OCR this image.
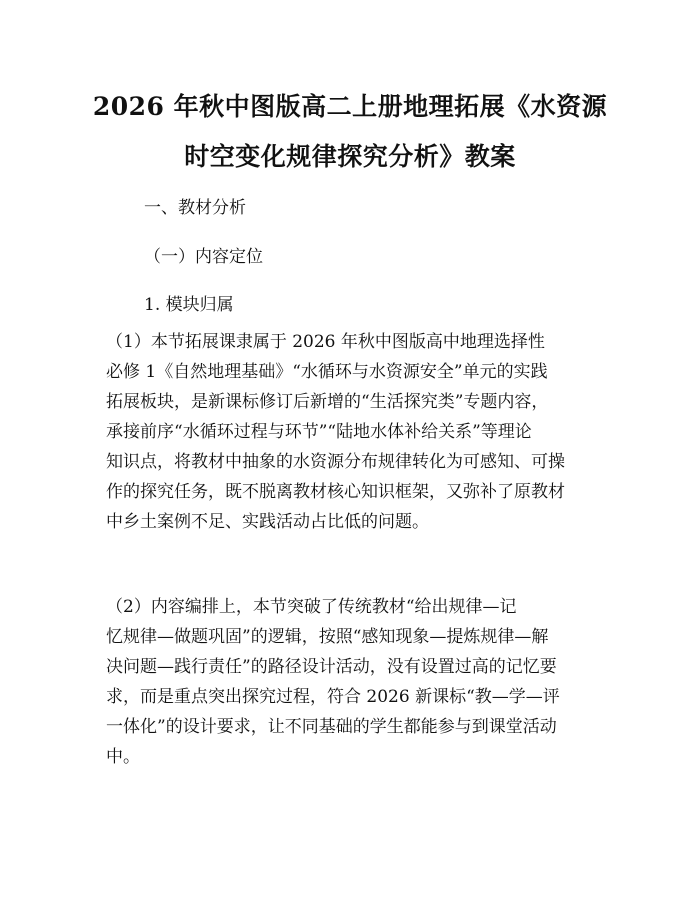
2026 年秋中图版高二上册地理拓展《水资源
时空变化规律探究分析》教案
一、教材分析
（一）内容定位
1. 模块归属
（1）本节拓展课隶属于 2026 年秋中图版高中地理选择性
必修 1《自然地理基础》“水循环与水资源安全”单元的实践
拓展板块，是新课标修订后新增的“生活探究类”专题内容，
承接前序“水循环过程与环节”“陆地水体补给关系”等理论
知识点，将教材中抽象的水资源分布规律转化为可感知、可操
作的探究任务，既不脱离教材核心知识框架，又弥补了原教材
中乡土案例不足、实践活动占比低的问题。
（2）内容编排上，本节突破了传统教材“给出规律—记
忆规律—做题巩固”的逻辑，按照“感知现象—提炼规律—解
决问题—践行责任”的路径设计活动，没有设置过高的记忆要
求，而是重点突出探究过程，符合 2026 新课标“教—学—评
一体化”的设计要求，让不同基础的学生都能参与到课堂活动
中。
